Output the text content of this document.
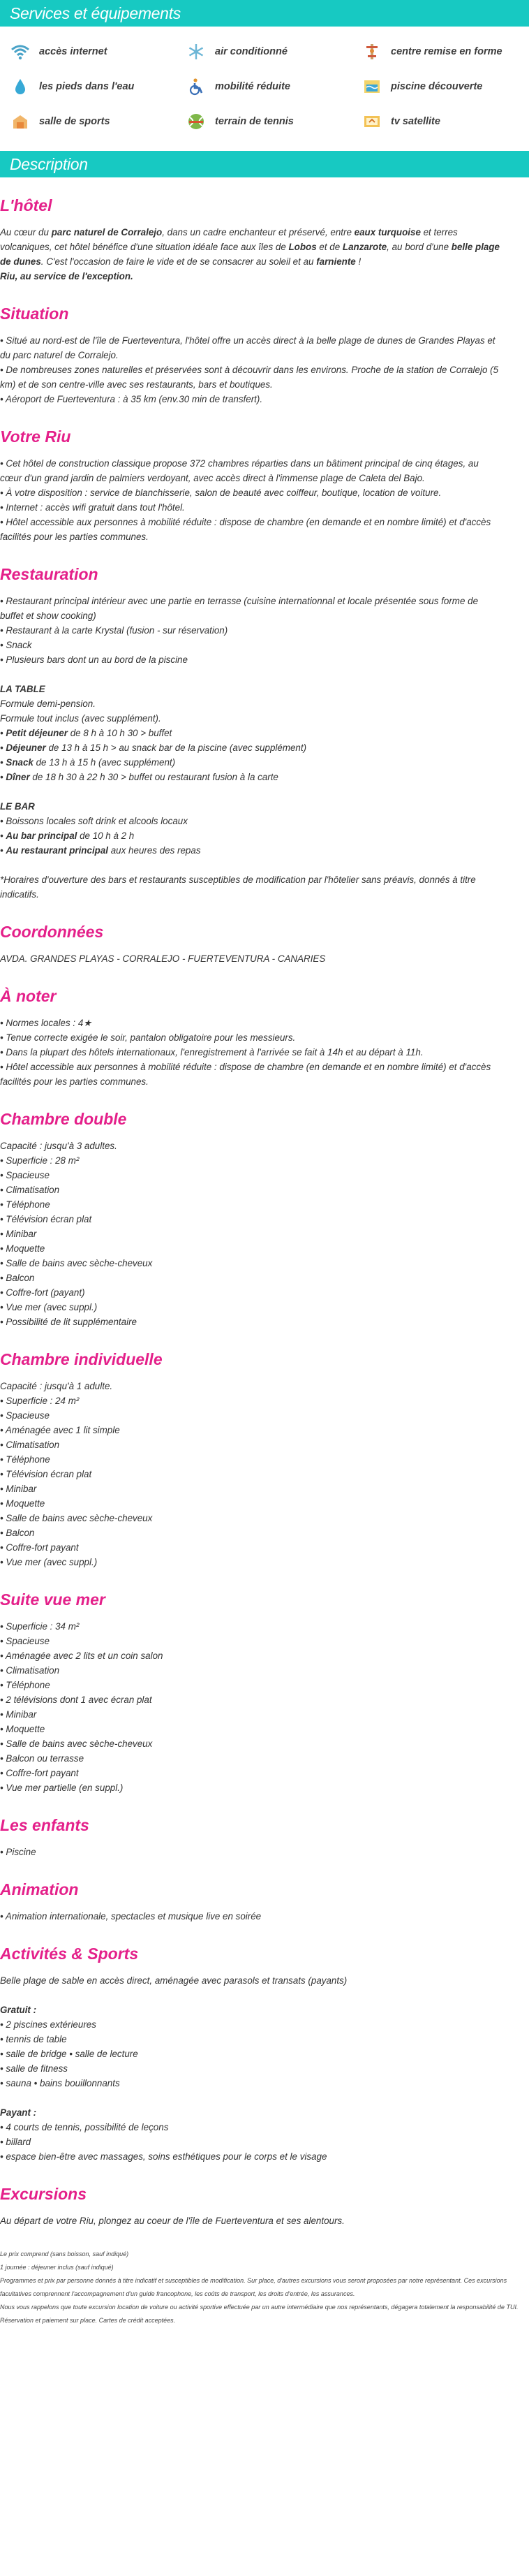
Services et équipements
accès internet	air conditionné	centre remise en forme
les pieds dans l'eau	mobilité réduite	piscine découverte
salle de sports	terrain de tennis	tv satellite
Description
L'hôtel

Au cœur du parc naturel de Corralejo, dans un cadre enchanteur et préservé, entre eaux turquoise et terres

volcaniques, cet hôtel bénéfice d'une situation idéale face aux îles de Lobos et de Lanzarote, au bord d'une belle plage

de dunes. C'est l'occasion de faire le vide et de se consacrer au soleil et au farniente !

Riu, au service de l'exception.

Situation

• Situé au nord-est de l'île de Fuerteventura, l'hôtel offre un accès direct à la belle plage de dunes de Grandes Playas et

du parc naturel de Corralejo.

• De nombreuses zones naturelles et préservées sont à découvrir dans les environs. Proche de la station de Corralejo (5

km) et de son centre-ville avec ses restaurants, bars et boutiques.

• Aéroport de Fuerteventura : à 35 km (env.30 min de transfert).

Votre Riu

• Cet hôtel de construction classique propose 372 chambres réparties dans un bâtiment principal de cinq étages, au

cœur d'un grand jardin de palmiers verdoyant, avec accès direct à l'immense plage de Caleta del Bajo.

• À votre disposition : service de blanchisserie, salon de beauté avec coiffeur, boutique, location de voiture.

• Internet : accès wifi gratuit dans tout l'hôtel.

• Hôtel accessible aux personnes à mobilité réduite : dispose de chambre (en demande et en nombre limité) et d'accès

facilités pour les parties communes.

Restauration

• Restaurant principal intérieur avec une partie en terrasse (cuisine internationnal et locale présentée sous forme de

buffet et show cooking)

• Restaurant à la carte Krystal (fusion - sur réservation)

• Snack

• Plusieurs bars dont un au bord de la piscine

LA TABLE

Formule demi-pension.

Formule tout inclus (avec supplément).

• Petit déjeuner de 8 h à 10 h 30 > buffet

• Déjeuner de 13 h à 15 h > au snack bar de la piscine (avec supplément)

• Snack de 13 h à 15 h (avec supplément)

• Dîner de 18 h 30 à 22 h 30 > buffet ou restaurant fusion à la carte

LE BAR

• Boissons locales soft drink et alcools locaux

• Au bar principal de 10 h à 2 h

• Au restaurant principal aux heures des repas

*Horaires d'ouverture des bars et restaurants susceptibles de modification par l'hôtelier sans préavis, donnés à titre

indicatifs.

Coordonnées

AVDA. GRANDES PLAYAS - CORRALEJO - FUERTEVENTURA - CANARIES

À noter

• Normes locales : 4★

• Tenue correcte exigée le soir, pantalon obligatoire pour les messieurs.

• Dans la plupart des hôtels internationaux, l'enregistrement à l'arrivée se fait à 14h et au départ à 11h.

• Hôtel accessible aux personnes à mobilité réduite : dispose de chambre (en demande et en nombre limité) et d'accès

facilités pour les parties communes.

Chambre double

Capacité : jusqu'à 3 adultes.

• Superficie : 28 m²

• Spacieuse

• Climatisation

• Téléphone

• Télévision écran plat

• Minibar

• Moquette

• Salle de bains avec sèche-cheveux

• Balcon

• Coffre-fort (payant)

• Vue mer (avec suppl.)

• Possibilité de lit supplémentaire

Chambre individuelle

Capacité : jusqu'à 1 adulte.

• Superficie : 24 m²

• Spacieuse

• Aménagée avec 1 lit simple

• Climatisation

• Téléphone

• Télévision écran plat

• Minibar

• Moquette

• Salle de bains avec sèche-cheveux

• Balcon

• Coffre-fort payant

• Vue mer (avec suppl.)

Suite vue mer

• Superficie : 34 m²

• Spacieuse

• Aménagée avec 2 lits et un coin salon

• Climatisation

• Téléphone

• 2 télévisions dont 1 avec écran plat

• Minibar

• Moquette

• Salle de bains avec sèche-cheveux

• Balcon ou terrasse

• Coffre-fort payant

• Vue mer partielle (en suppl.)

Les enfants

• Piscine

Animation

• Animation internationale, spectacles et musique live en soirée

Activités & Sports

Belle plage de sable en accès direct, aménagée avec parasols et transats (payants)

Gratuit :

• 2 piscines extérieures

• tennis de table

• salle de bridge • salle de lecture

• salle de fitness

• sauna • bains bouillonnants

Payant :

• 4 courts de tennis, possibilité de leçons

• billard

• espace bien-être avec massages, soins esthétiques pour le corps et le visage

Excursions

Au départ de votre Riu, plongez au coeur de l'île de Fuerteventura et ses alentours.

Le prix comprend (sans boisson, sauf indiqué)

1 journée : déjeuner inclus (sauf indiqué)

Programmes et prix par personne donnés à titre indicatif et susceptibles de modification. Sur place, d'autres excursions vous seront proposées par notre représentant. Ces excursions

facultatives comprennent l'accompagnement d'un guide francophone, les coûts de transport, les droits d'entrée, les assurances.

Nous vous rappelons que toute excursion location de voiture ou activité sportive effectuée par un autre intermédiaire que nos représentants, dégagera totalement la responsabilité de TUI.

Réservation et paiement sur place. Cartes de crédit acceptées.
